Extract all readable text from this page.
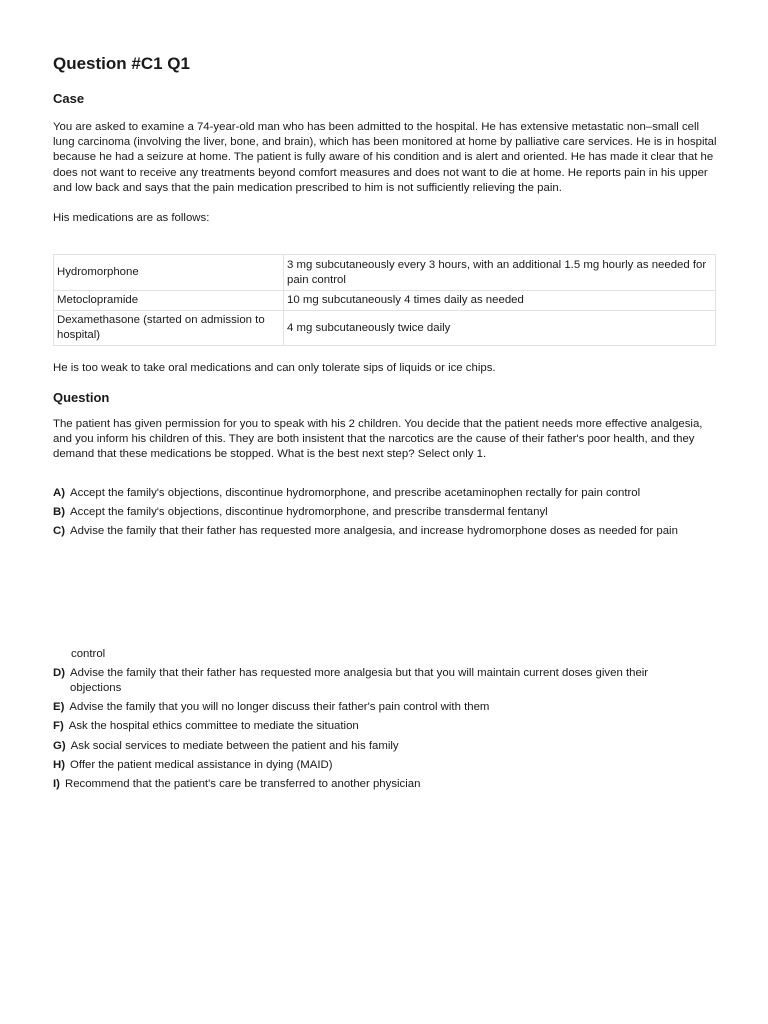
Question #C1 Q1
Case

You are asked to examine a 74-year-old man who has been admitted to the hospital. He has extensive metastatic non–small cell lung carcinoma (involving the liver, bone, and brain), which has been monitored at home by palliative care services. He is in hospital because he had a seizure at home. The patient is fully aware of his condition and is alert and oriented. He has made it clear that he does not want to receive any treatments beyond comfort measures and does not want to die at home. He reports pain in his upper and low back and says that the pain medication prescribed to him is not sufficiently relieving the pain.

His medications are as follows:

Hydromorphone	3 mg subcutaneously every 3 hours, with an additional 1.5 mg hourly as needed for pain control
Metoclopramide	10 mg subcutaneously 4 times daily as needed
Dexamethasone (started on admission to hospital)	4 mg subcutaneously twice daily

He is too weak to take oral medications and can only tolerate sips of liquids or ice chips.

Question

The patient has given permission for you to speak with his 2 children. You decide that the patient needs more effective analgesia, and you inform his children of this. They are both insistent that the narcotics are the cause of their father's poor health, and they demand that these medications be stopped. What is the best next step? Select only 1.

A) Accept the family's objections, discontinue hydromorphone, and prescribe acetaminophen rectally for pain control

B) Accept the family's objections, discontinue hydromorphone, and prescribe transdermal fentanyl

C) Advise the family that their father has requested more analgesia, and increase hydromorphone doses as needed for pain

control

D) Advise the family that their father has requested more analgesia but that you will maintain current doses given their objections

E) Advise the family that you will no longer discuss their father's pain control with them

F) Ask the hospital ethics committee to mediate the situation

G) Ask social services to mediate between the patient and his family

H) Offer the patient medical assistance in dying (MAID)

I) Recommend that the patient's care be transferred to another physician
